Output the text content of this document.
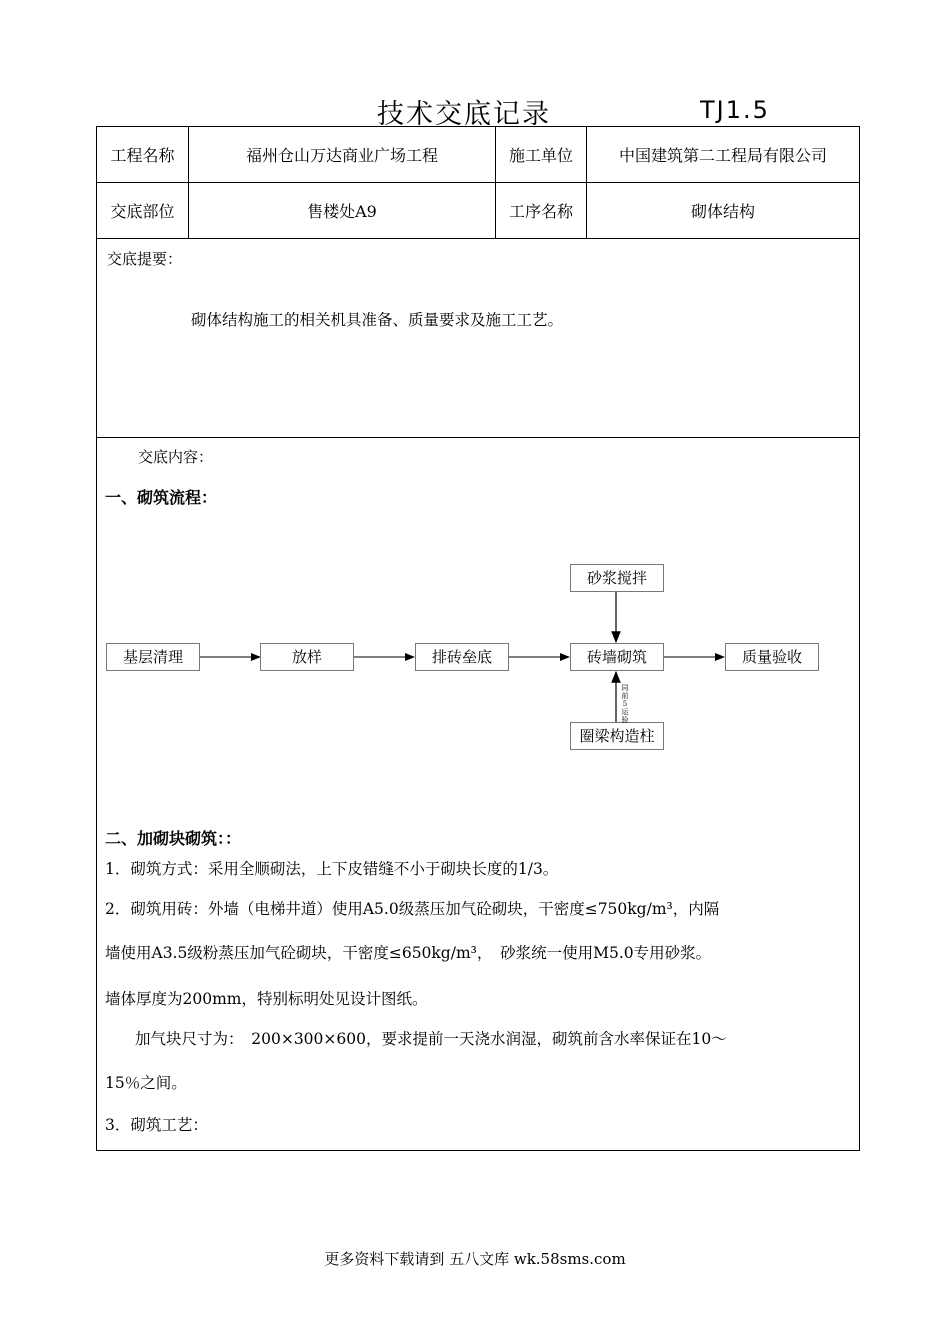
技术交底记录	TJ1.5
工程名称	福州仓山万达商业广场工程	施工单位	中国建筑第二工程局有限公司
交底部位	售楼处A9	工序名称	砌体结构
交底提要：
砌体结构施工的相关机具准备、质量要求及施工工艺。
交底内容：
一、砌筑流程：
基层清理	放样	排砖垒底	砖墙砌筑	质量验收
砂浆搅拌
圈梁构造柱
同前5运 验
二、加砌块砌筑：：
1．砌筑方式：采用全顺砌法，上下皮错缝不小于砌块长度的1/3。
2．砌筑用砖：外墙（电梯井道）使用A5.0级蒸压加气砼砌块，干密度≤750kg/m³，内隔
墙使用A3.5级粉蒸压加气砼砌块，干密度≤650kg/m³，　砂浆统一使用M5.0专用砂浆。
墙体厚度为200mm，特别标明处见设计图纸。
加气块尺寸为：　200×300×600，要求提前一天浇水润湿，砌筑前含水率保证在10～
15％之间。
3．砌筑工艺：
更多资料下载请到 五八文库 wk.58sms.com
